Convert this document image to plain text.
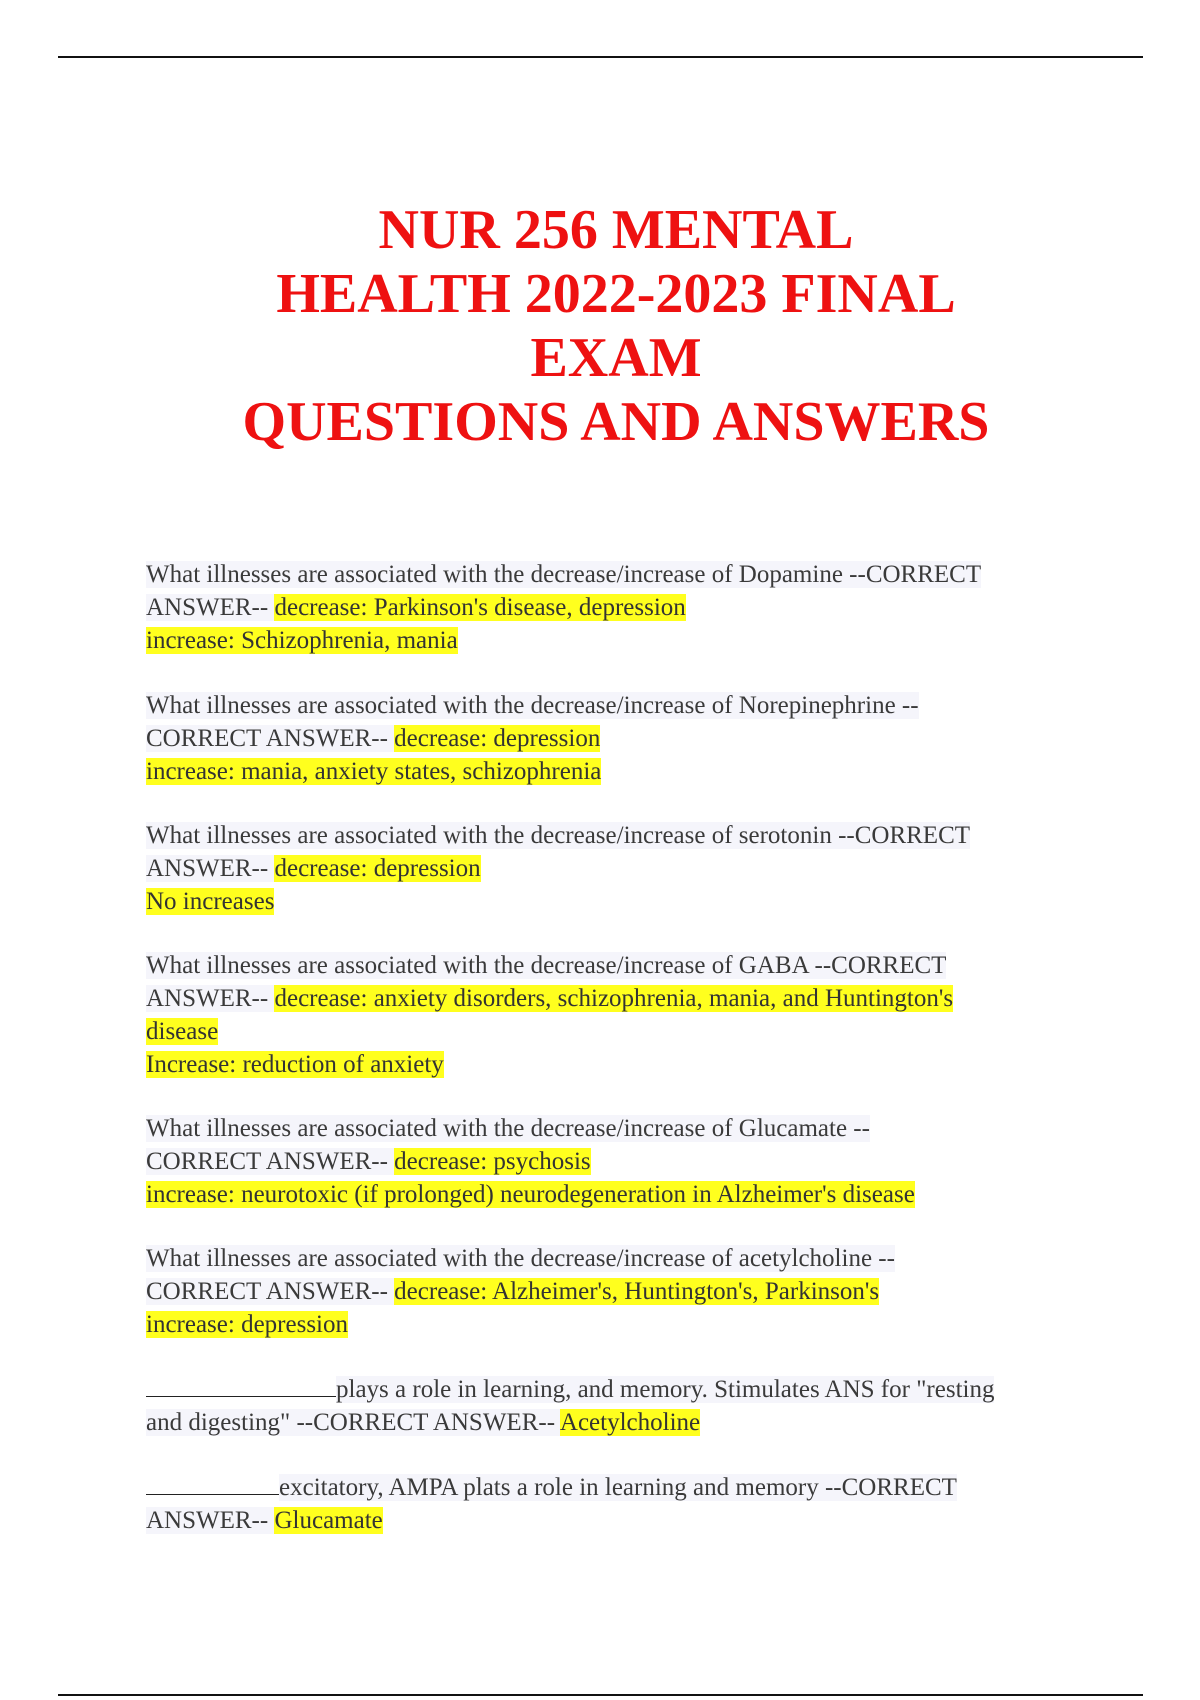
NUR 256 MENTAL
HEALTH 2022-2023 FINAL
EXAM
QUESTIONS AND ANSWERS

What illnesses are associated with the decrease/increase of Dopamine --CORRECT
ANSWER-- decrease: Parkinson's disease, depression
increase: Schizophrenia, mania

What illnesses are associated with the decrease/increase of Norepinephrine --
CORRECT ANSWER-- decrease: depression
increase: mania, anxiety states, schizophrenia

What illnesses are associated with the decrease/increase of serotonin --CORRECT
ANSWER-- decrease: depression
No increases

What illnesses are associated with the decrease/increase of GABA --CORRECT
ANSWER-- decrease: anxiety disorders, schizophrenia, mania, and Huntington's
disease
Increase: reduction of anxiety

What illnesses are associated with the decrease/increase of Glucamate --
CORRECT ANSWER-- decrease: psychosis
increase: neurotoxic (if prolonged) neurodegeneration in Alzheimer's disease

What illnesses are associated with the decrease/increase of acetylcholine --
CORRECT ANSWER-- decrease: Alzheimer's, Huntington's, Parkinson's
increase: depression

plays a role in learning, and memory. Stimulates ANS for "resting
and digesting" --CORRECT ANSWER-- Acetylcholine

excitatory, AMPA plats a role in learning and memory --CORRECT
ANSWER-- Glucamate
